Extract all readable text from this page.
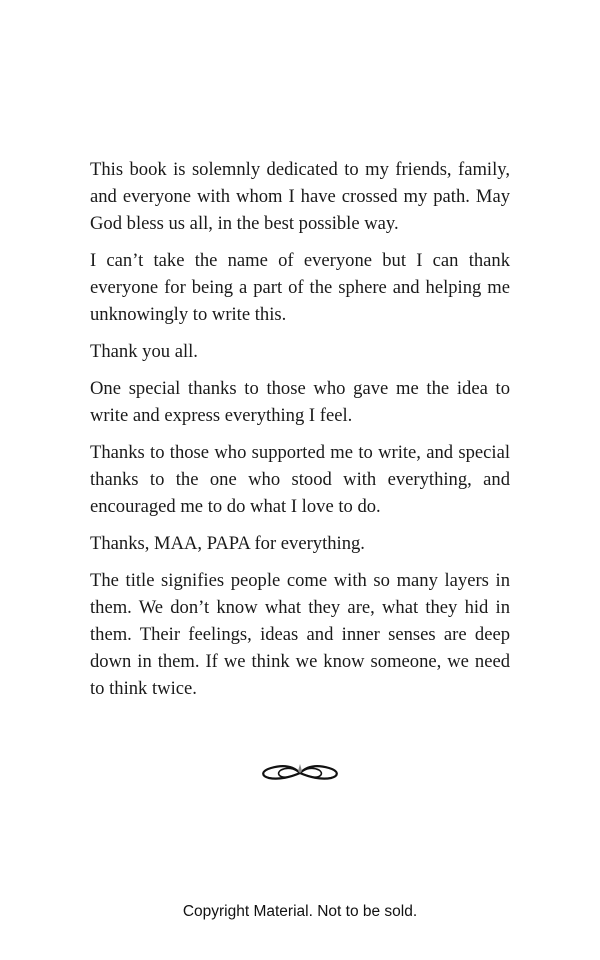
This book is solemnly dedicated to my friends, family, and everyone with whom I have crossed my path. May God bless us all, in the best possible way.

I can’t take the name of everyone but I can thank everyone for being a part of the sphere and helping me unknowingly to write this.

Thank you all.

One special thanks to those who gave me the idea to write and express everything I feel.

Thanks to those who supported me to write, and special thanks to the one who stood with everything, and encouraged me to do what I love to do.

Thanks, MAA, PAPA for everything.

The title signifies people come with so many layers in them. We don’t know what they are, what they hid in them. Their feelings, ideas and inner senses are deep down in them. If we think we know someone, we need to think twice.

Copyright Material. Not to be sold.
